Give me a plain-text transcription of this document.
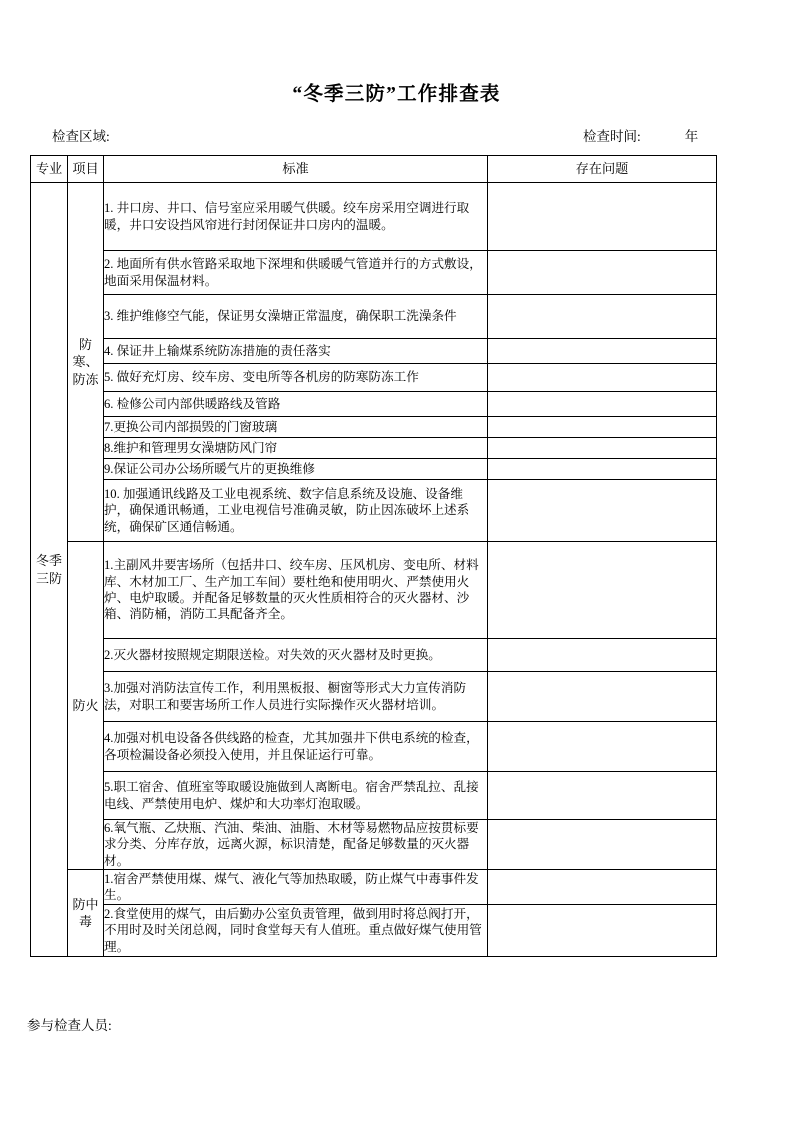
“冬季三防”工作排查表
检查区域:	检查时间:	年
专业	项目	标准	存在问题

冬季三防	防寒、防冻	1. 井口房、井口、信号室应采用暖气供暖。绞车房采用空调进行取暖，井口安设挡风帘进行封闭保证井口房内的温暖。	
		2. 地面所有供水管路采取地下深埋和供暖暖气管道并行的方式敷设，地面采用保温材料。	
		3. 维护维修空气能，保证男女澡塘正常温度，确保职工洗澡条件	
		4. 保证井上输煤系统防冻措施的责任落实	
		5. 做好充灯房、绞车房、变电所等各机房的防寒防冻工作	
		6. 检修公司内部供暖路线及管路	
		7.更换公司内部损毁的门窗玻璃	
		8.维护和管理男女澡塘防风门帘	
		9.保证公司办公场所暖气片的更换维修	
		10. 加强通讯线路及工业电视系统、数字信息系统及设施、设备维护，确保通讯畅通，工业电视信号准确灵敏，防止因冻破坏上述系统，确保矿区通信畅通。	

	防火	1.主副风井要害场所（包括井口、绞车房、压风机房、变电所、材料库、木材加工厂、生产加工车间）要杜绝和使用明火、严禁使用火炉、电炉取暖。并配备足够数量的灭火性质相符合的灭火器材、沙箱、消防桶，消防工具配备齐全。	
		2.灭火器材按照规定期限送检。对失效的灭火器材及时更换。	
		3.加强对消防法宣传工作，利用黑板报、橱窗等形式大力宣传消防法，对职工和要害场所工作人员进行实际操作灭火器材培训。	
		4.加强对机电设备各供线路的检查，尤其加强井下供电系统的检查，各项检漏设备必须投入使用，并且保证运行可靠。	
		5.职工宿舍、值班室等取暖设施做到人离断电。宿舍严禁乱拉、乱接电线、严禁使用电炉、煤炉和大功率灯泡取暖。	
		6.氧气瓶、乙炔瓶、汽油、柴油、油脂、木材等易燃物品应按贯标要求分类、分库存放，远离火源，标识清楚，配备足够数量的灭火器材。	

	防中毒	1.宿舍严禁使用煤、煤气、液化气等加热取暖，防止煤气中毒事件发生。	
		2.食堂使用的煤气，由后勤办公室负责管理，做到用时将总阀打开，不用时及时关闭总阀，同时食堂每天有人值班。重点做好煤气使用管理。	
参与检查人员:
